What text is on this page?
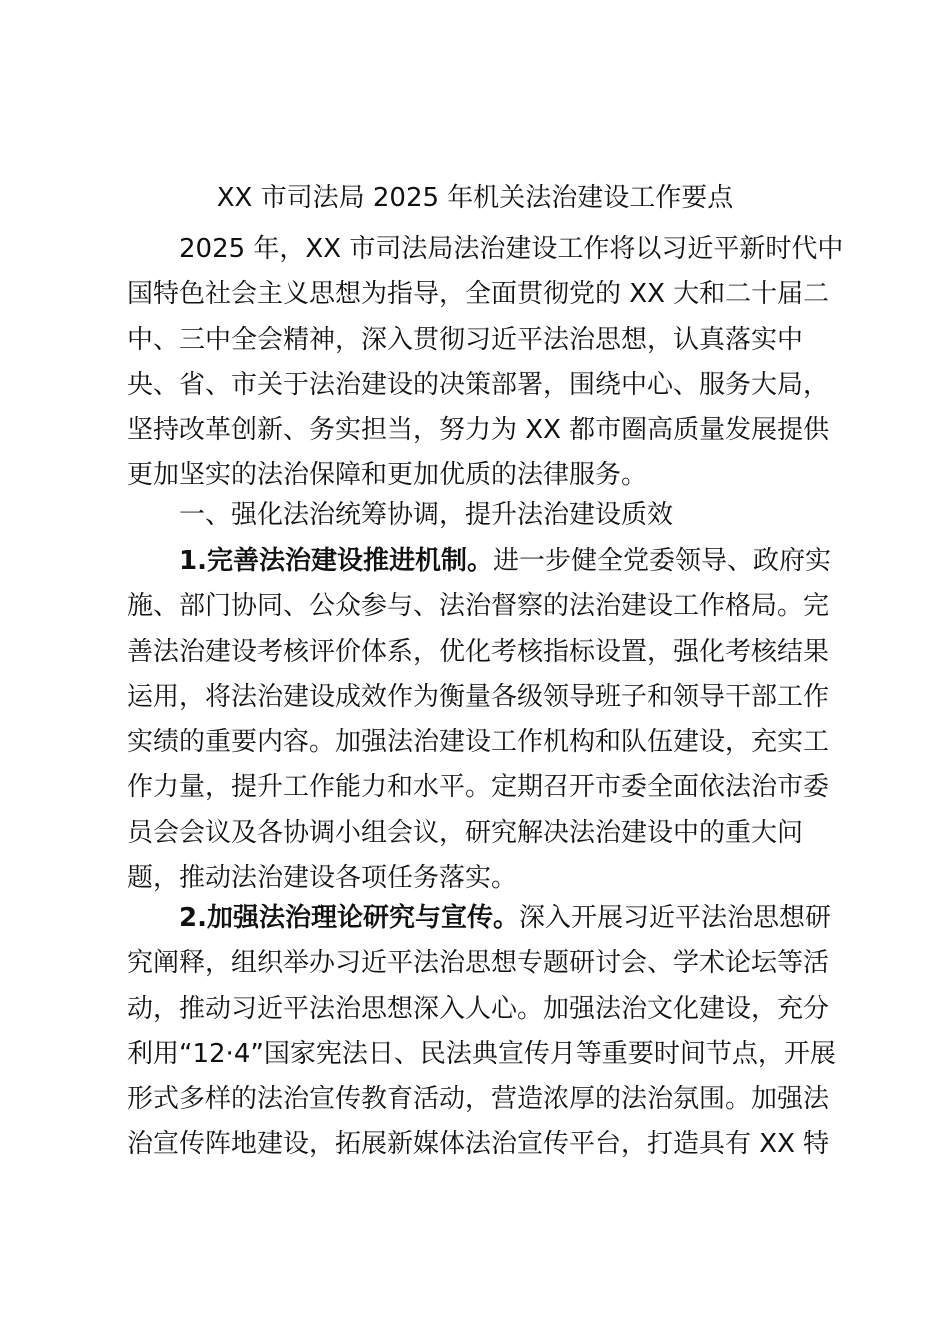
XX 市司法局 2025 年机关法治建设工作要点
2025 年，XX 市司法局法治建设工作将以习近平新时代中
国特色社会主义思想为指导，全面贯彻党的 XX 大和二十届二
中、三中全会精神，深入贯彻习近平法治思想，认真落实中
央、省、市关于法治建设的决策部署，围绕中心、服务大局，
坚持改革创新、务实担当，努力为 XX 都市圈高质量发展提供
更加坚实的法治保障和更加优质的法律服务。
一、强化法治统筹协调，提升法治建设质效
1.完善法治建设推进机制。进一步健全党委领导、政府实
施、部门协同、公众参与、法治督察的法治建设工作格局。完
善法治建设考核评价体系，优化考核指标设置，强化考核结果
运用，将法治建设成效作为衡量各级领导班子和领导干部工作
实绩的重要内容。加强法治建设工作机构和队伍建设，充实工
作力量，提升工作能力和水平。定期召开市委全面依法治市委
员会会议及各协调小组会议，研究解决法治建设中的重大问
题，推动法治建设各项任务落实。
2.加强法治理论研究与宣传。深入开展习近平法治思想研
究阐释，组织举办习近平法治思想专题研讨会、学术论坛等活
动，推动习近平法治思想深入人心。加强法治文化建设，充分
利用“12·4”国家宪法日、民法典宣传月等重要时间节点，开展
形式多样的法治宣传教育活动，营造浓厚的法治氛围。加强法
治宣传阵地建设，拓展新媒体法治宣传平台，打造具有 XX 特
